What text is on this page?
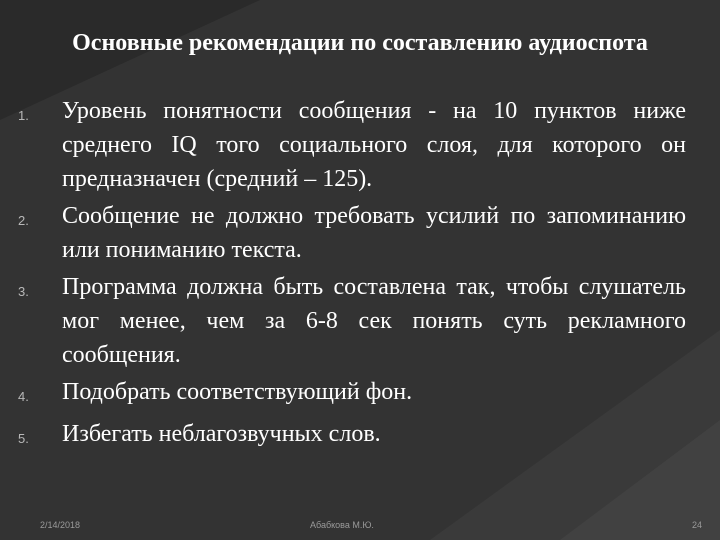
Основные рекомендации по составлению аудиоспота
1.	Уровень понятности сообщения - на 10 пунктов ниже среднего IQ того социального слоя, для которого он предназначен (средний – 125).
2.	Сообщение не должно требовать усилий по запоминанию или пониманию текста.
3.	Программа должна быть составлена так, чтобы слушатель мог менее, чем за 6-8 сек понять суть рекламного сообщения.
4.	Подобрать соответствующий фон.
5.	Избегать неблагозвучных слов.
2/14/2018	Абабкова М.Ю.	24
